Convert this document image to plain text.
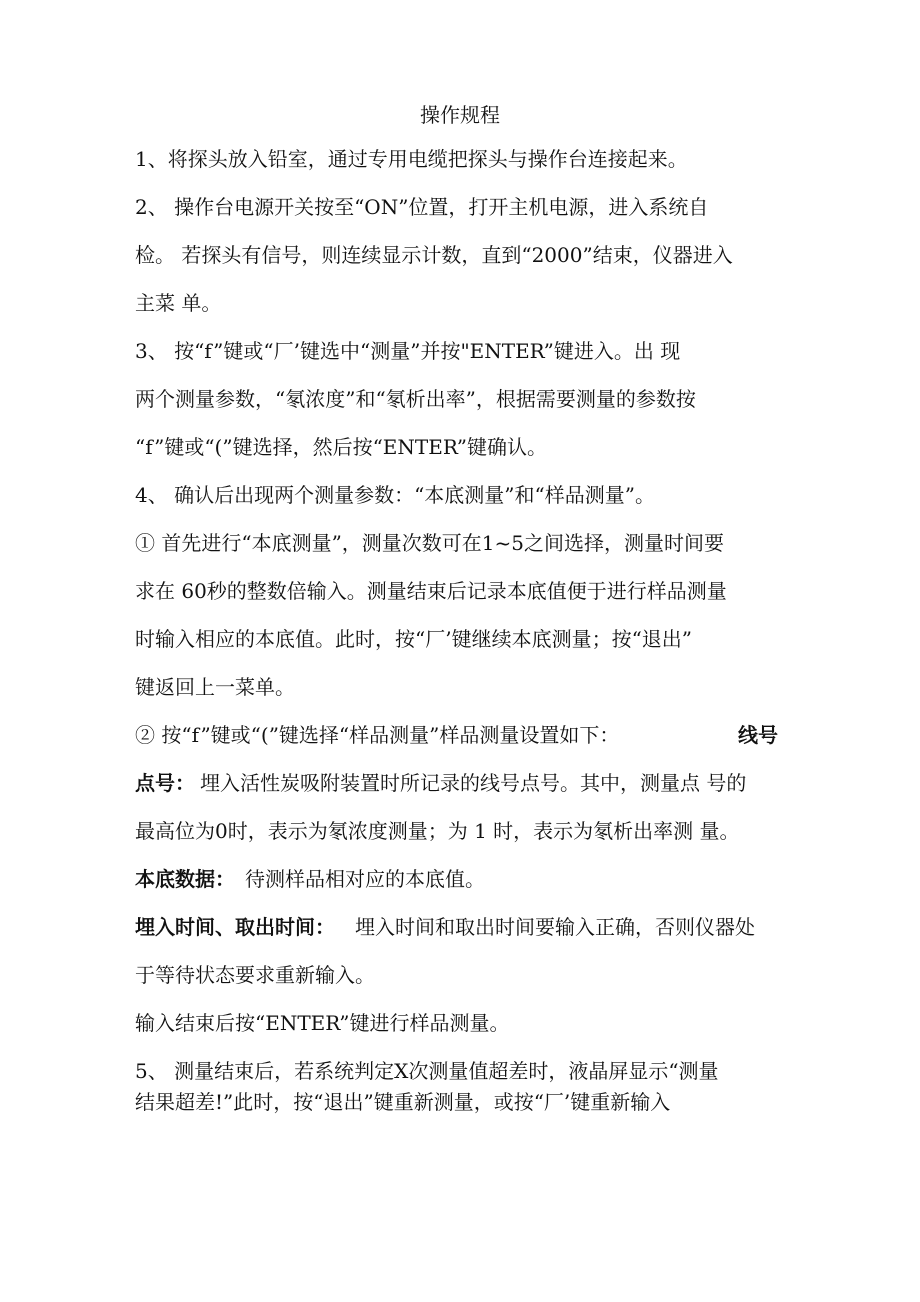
操作规程
1、将探头放入铅室，通过专用电缆把探头与操作台连接起来。
2、 操作台电源开关按至“ON”位置，打开主机电源，进入系统自
检。 若探头有信号，则连续显示计数，直到“2000”结束，仪器进入
主菜 单。
3、 按“f”键或“厂’键选中“测量”并按"ENTER”键进入。出 现
两个测量参数，“氡浓度”和“氡析出率”，根据需要测量的参数按
“f”键或“(”键选择，然后按“ENTER”键确认。
4、 确认后出现两个测量参数：“本底测量”和“样品测量”。
① 首先进行“本底测量”，测量次数可在1~5之间选择，测量时间要
求在 60秒的整数倍输入。测量结束后记录本底值便于进行样品测量
时输入相应的本底值。此时，按“厂’键继续本底测量；按“退出”
键返回上一菜单。
② 按“f”键或“(”键选择“样品测量”样品测量设置如下：	线号
点号： 埋入活性炭吸附装置时所记录的线号点号。其中，测量点 号的
最高位为0时，表示为氡浓度测量；为 1 时，表示为氡析出率测 量。
本底数据： 待测样品相对应的本底值。
埋入时间、取出时间： 埋入时间和取出时间要输入正确，否则仪器处
于等待状态要求重新输入。
输入结束后按“ENTER”键进行样品测量。
5、 测量结束后，若系统判定X次测量值超差时，液晶屏显示“测量
结果超差!”此时，按“退出”键重新测量，或按“厂’键重新输入
